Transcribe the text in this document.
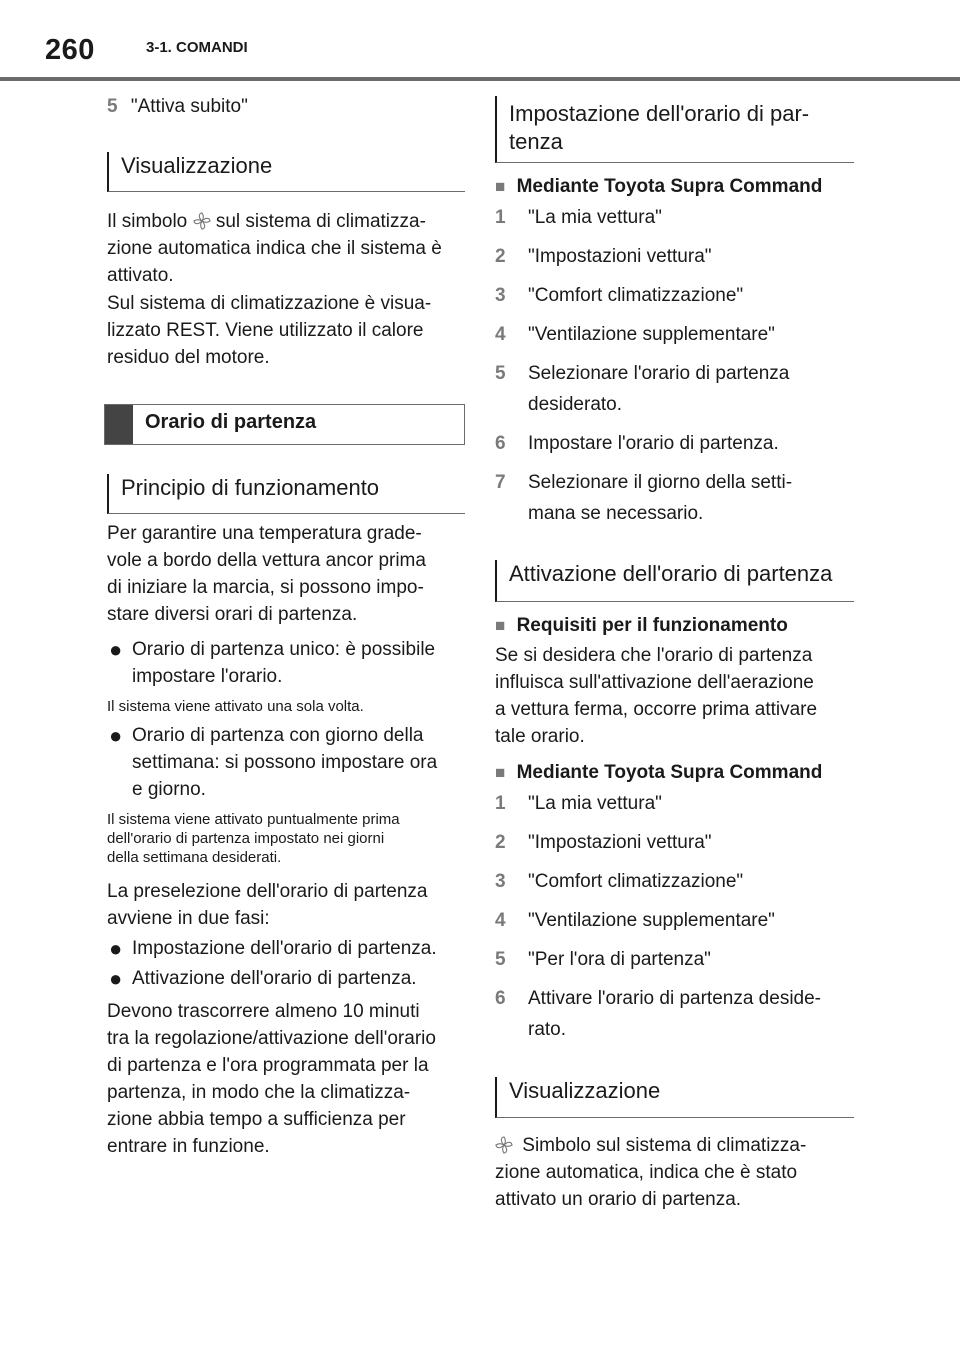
260	3-1. COMANDI
5 "Attiva subito"
Visualizzazione
Il simbolo sul sistema di climatizza-
zione automatica indica che il sistema è
attivato.
Sul sistema di climatizzazione è visua-
lizzato REST. Viene utilizzato il calore
residuo del motore.
Orario di partenza
Principio di funzionamento
Per garantire una temperatura grade-
vole a bordo della vettura ancor prima
di iniziare la marcia, si possono impo-
stare diversi orari di partenza.
● Orario di partenza unico: è possibile
impostare l'orario.
Il sistema viene attivato una sola volta.
● Orario di partenza con giorno della
settimana: si possono impostare ora
e giorno.
Il sistema viene attivato puntualmente prima
dell'orario di partenza impostato nei giorni
della settimana desiderati.
La preselezione dell'orario di partenza
avviene in due fasi:
● Impostazione dell'orario di partenza.
● Attivazione dell'orario di partenza.
Devono trascorrere almeno 10 minuti
tra la regolazione/attivazione dell'orario
di partenza e l'ora programmata per la
partenza, in modo che la climatizza-
zione abbia tempo a sufficienza per
entrare in funzione.
Impostazione dell'orario di par-
tenza
■ Mediante Toyota Supra Command
1 "La mia vettura"
2 "Impostazioni vettura"
3 "Comfort climatizzazione"
4 "Ventilazione supplementare"
5 Selezionare l'orario di partenza
desiderato.
6 Impostare l'orario di partenza.
7 Selezionare il giorno della setti-
mana se necessario.
Attivazione dell'orario di partenza
■ Requisiti per il funzionamento
Se si desidera che l'orario di partenza
influisca sull'attivazione dell'aerazione
a vettura ferma, occorre prima attivare
tale orario.
■ Mediante Toyota Supra Command
1 "La mia vettura"
2 "Impostazioni vettura"
3 "Comfort climatizzazione"
4 "Ventilazione supplementare"
5 "Per l'ora di partenza"
6 Attivare l'orario di partenza deside-
rato.
Visualizzazione
Simbolo sul sistema di climatizza-
zione automatica, indica che è stato
attivato un orario di partenza.
